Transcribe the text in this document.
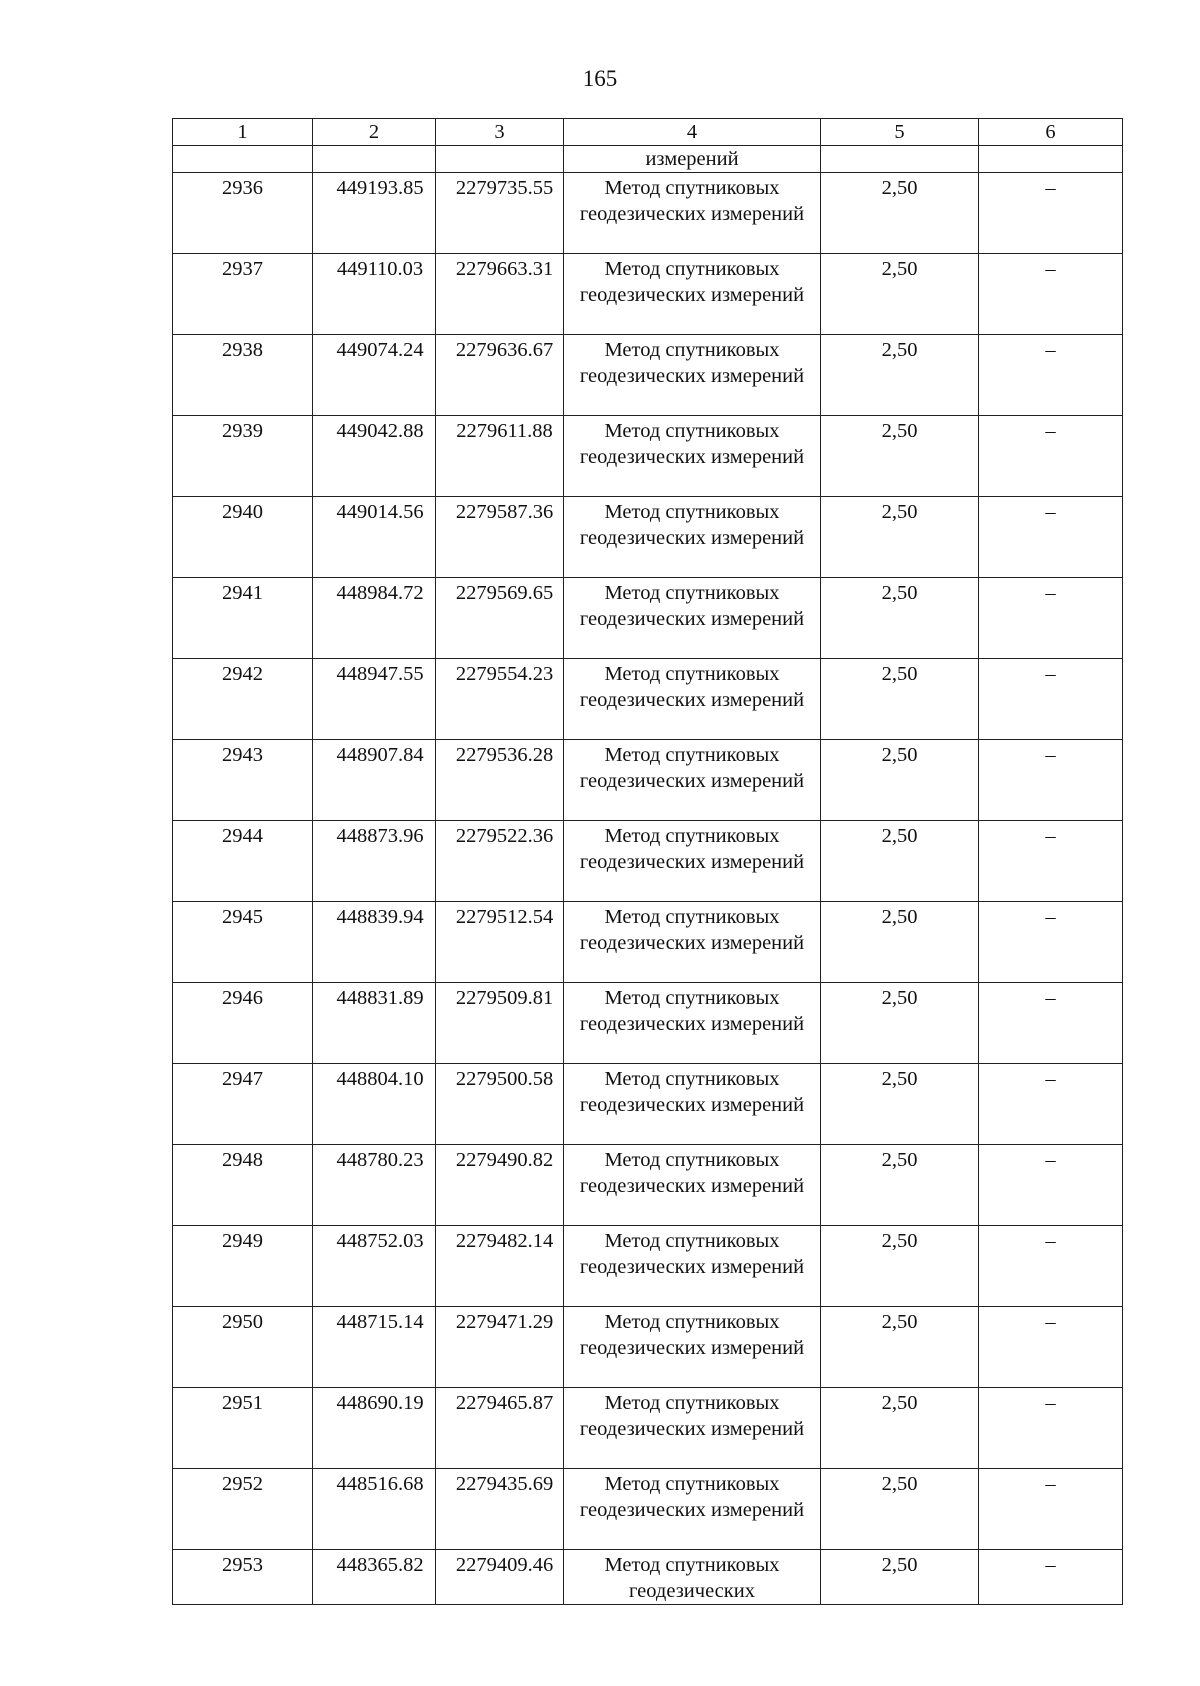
165
1	2	3	4	5	6
			измерений		
2936	449193.85	2279735.55	Метод спутниковых геодезических измерений	2,50	–
2937	449110.03	2279663.31	Метод спутниковых геодезических измерений	2,50	–
2938	449074.24	2279636.67	Метод спутниковых геодезических измерений	2,50	–
2939	449042.88	2279611.88	Метод спутниковых геодезических измерений	2,50	–
2940	449014.56	2279587.36	Метод спутниковых геодезических измерений	2,50	–
2941	448984.72	2279569.65	Метод спутниковых геодезических измерений	2,50	–
2942	448947.55	2279554.23	Метод спутниковых геодезических измерений	2,50	–
2943	448907.84	2279536.28	Метод спутниковых геодезических измерений	2,50	–
2944	448873.96	2279522.36	Метод спутниковых геодезических измерений	2,50	–
2945	448839.94	2279512.54	Метод спутниковых геодезических измерений	2,50	–
2946	448831.89	2279509.81	Метод спутниковых геодезических измерений	2,50	–
2947	448804.10	2279500.58	Метод спутниковых геодезических измерений	2,50	–
2948	448780.23	2279490.82	Метод спутниковых геодезических измерений	2,50	–
2949	448752.03	2279482.14	Метод спутниковых геодезических измерений	2,50	–
2950	448715.14	2279471.29	Метод спутниковых геодезических измерений	2,50	–
2951	448690.19	2279465.87	Метод спутниковых геодезических измерений	2,50	–
2952	448516.68	2279435.69	Метод спутниковых геодезических измерений	2,50	–
2953	448365.82	2279409.46	Метод спутниковых геодезических	2,50	–
